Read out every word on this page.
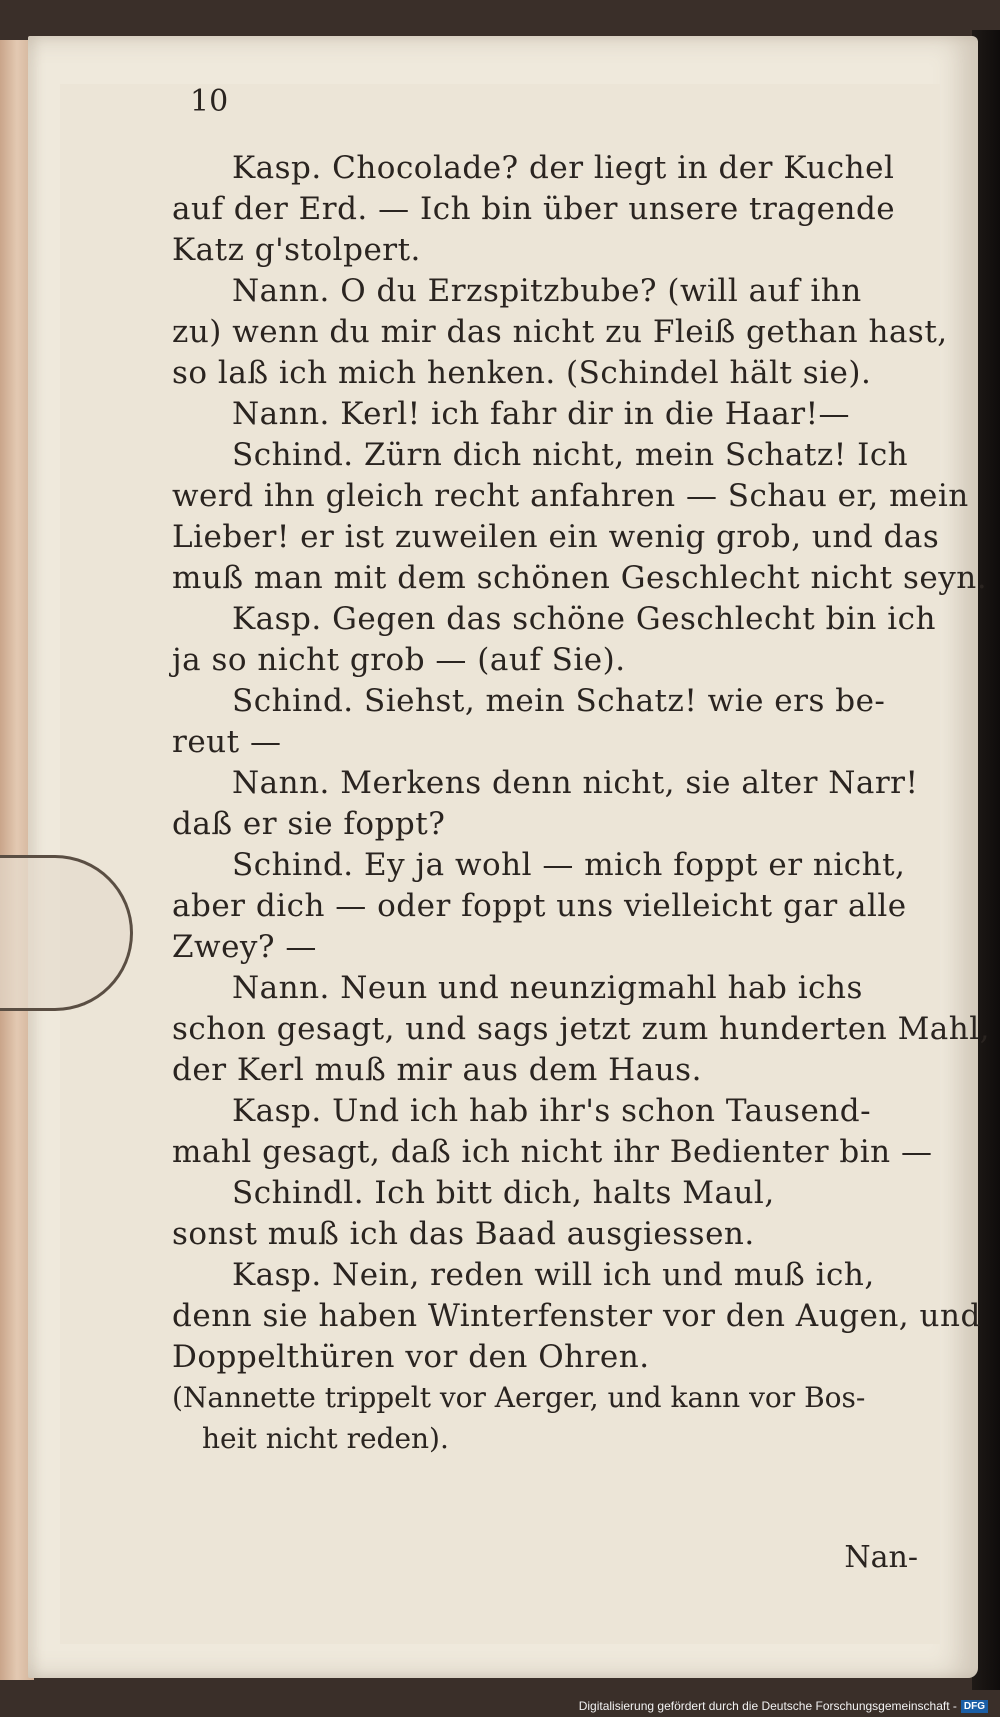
10
Kasp. Chocolade? der liegt in der Kuchel
auf der Erd. — Ich bin über unsere tragende
Katz g'stolpert.
Nann. O du Erzspitzbube? (will auf ihn
zu) wenn du mir das nicht zu Fleiß gethan hast,
so laß ich mich henken. (Schindel hält sie).
Nann. Kerl! ich fahr dir in die Haar!—
Schind. Zürn dich nicht, mein Schatz! Ich
werd ihn gleich recht anfahren — Schau er, mein
Lieber! er ist zuweilen ein wenig grob, und das
muß man mit dem schönen Geschlecht nicht seyn.
Kasp. Gegen das schöne Geschlecht bin ich
ja so nicht grob — (auf Sie).
Schind. Siehst, mein Schatz! wie ers be-
reut —
Nann. Merkens denn nicht, sie alter Narr!
daß er sie foppt?
Schind. Ey ja wohl — mich foppt er nicht,
aber dich — oder foppt uns vielleicht gar alle
Zwey? —
Nann. Neun und neunzigmahl hab ichs
schon gesagt, und sags jetzt zum hunderten Mahl,
der Kerl muß mir aus dem Haus.
Kasp. Und ich hab ihr's schon Tausend-
mahl gesagt, daß ich nicht ihr Bedienter bin —
Schindl. Ich bitt dich, halts Maul,
sonst muß ich das Baad ausgiessen.
Kasp. Nein, reden will ich und muß ich,
denn sie haben Winterfenster vor den Augen, und
Doppelthüren vor den Ohren.
(Nannette trippelt vor Aerger, und kann vor Bos-
heit nicht reden).
Nan-
Digitalisierung gefördert durch die Deutsche Forschungsgemeinschaft - DFG
